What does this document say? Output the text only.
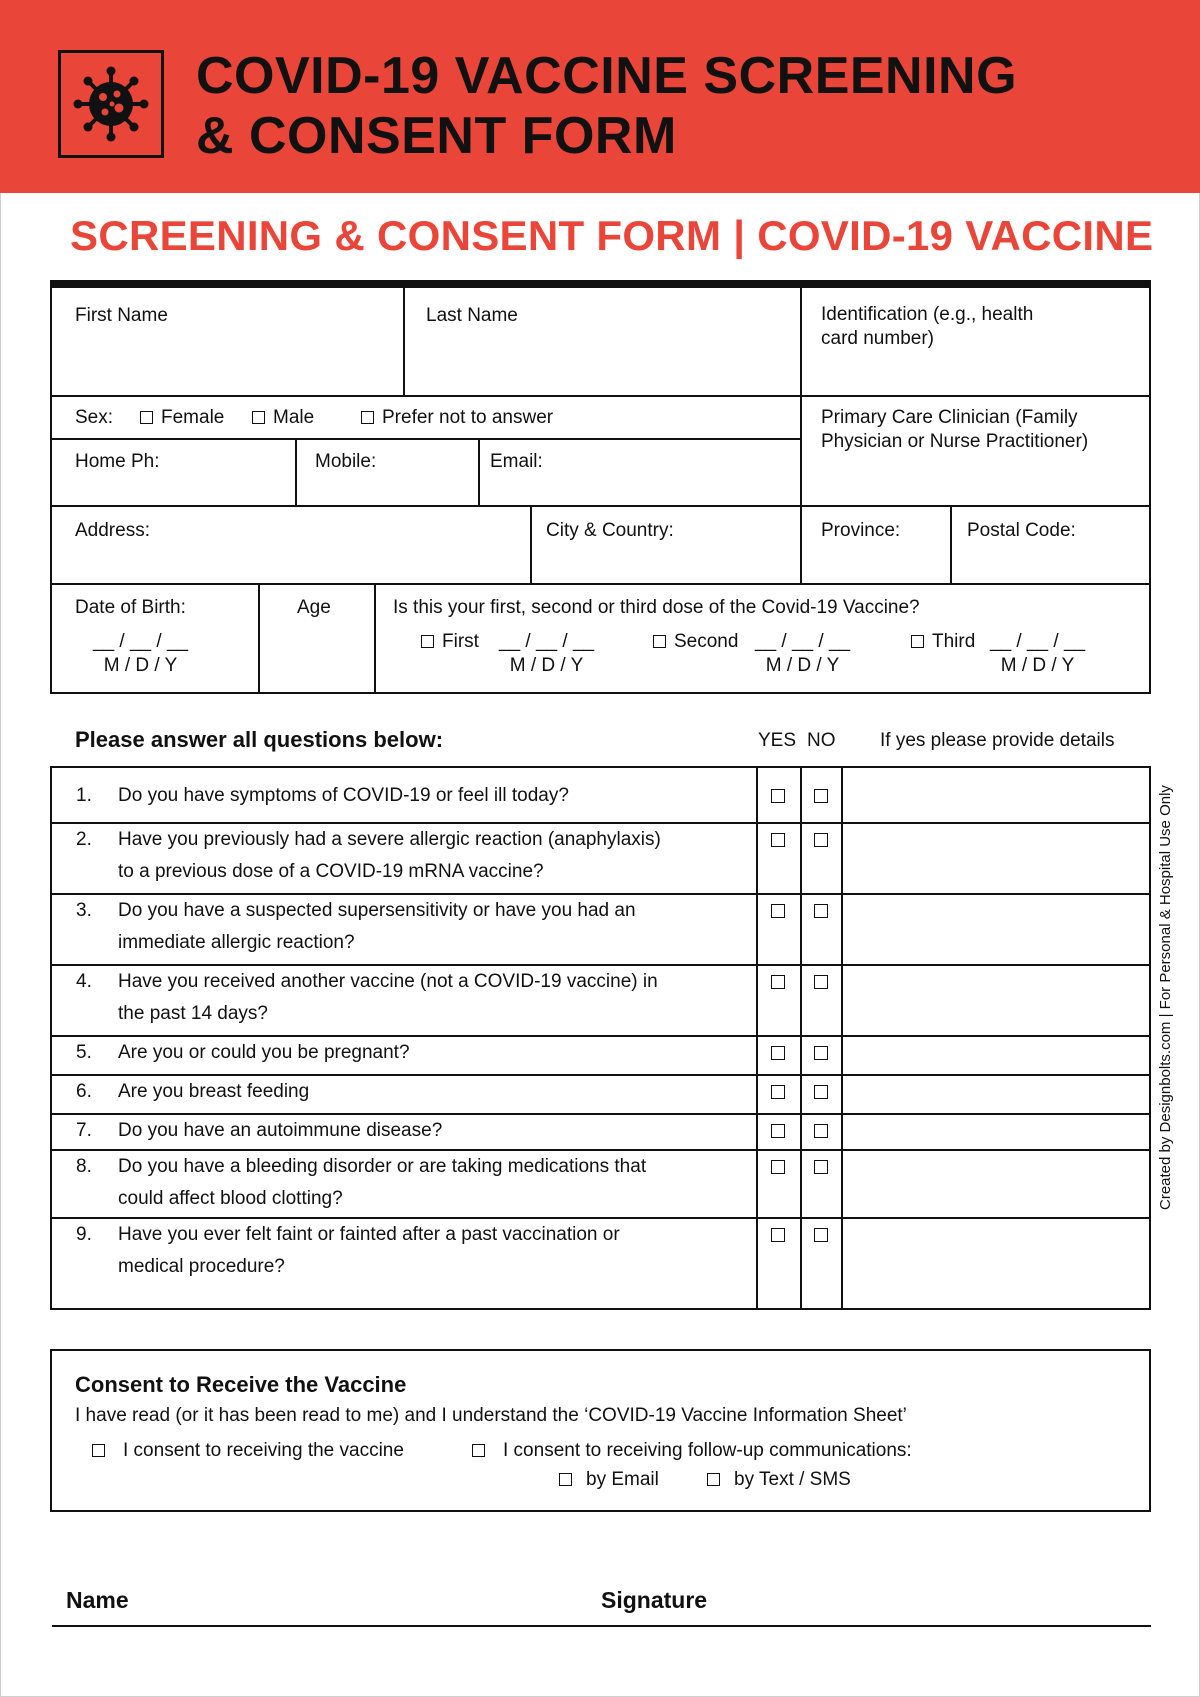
COVID-19 VACCINE SCREENING
& CONSENT FORM
SCREENING & CONSENT FORM | COVID-19 VACCINE
First Name	Last Name	Identification (e.g., health
card number)
Sex:	Female	Male	Prefer not to answer	Primary Care Clinician (Family
Physician or Nurse Practitioner)
Home Ph:	Mobile:	Email:
Address:	City & Country:	Province:	Postal Code:
Date of Birth:
__ / __ / __
M / D / Y
Age	Is this your first, second or third dose of the Covid-19 Vaccine?
First __ / __ / __
M / D / Y
Second __ / __ / __
M / D / Y
Third __ / __ / __
M / D / Y
Please answer all questions below:	YES NO If yes please provide details
1. Do you have symptoms of COVID-19 or feel ill today?
2. Have you previously had a severe allergic reaction (anaphylaxis)
to a previous dose of a COVID-19 mRNA vaccine?
3. Do you have a suspected supersensitivity or have you had an
immediate allergic reaction?
4. Have you received another vaccine (not a COVID-19 vaccine) in
the past 14 days?
5. Are you or could you be pregnant?
6. Are you breast feeding
7. Do you have an autoimmune disease?
8. Do you have a bleeding disorder or are taking medications that
could affect blood clotting?
9. Have you ever felt faint or fainted after a past vaccination or
medical procedure?
Created by Designbolts.com | For Personal & Hospital Use Only
Consent to Receive the Vaccine
I have read (or it has been read to me) and I understand the ‘COVID-19 Vaccine Information Sheet’
I consent to receiving the vaccine	I consent to receiving follow-up communications:
by Email	by Text / SMS
Name	Signature
